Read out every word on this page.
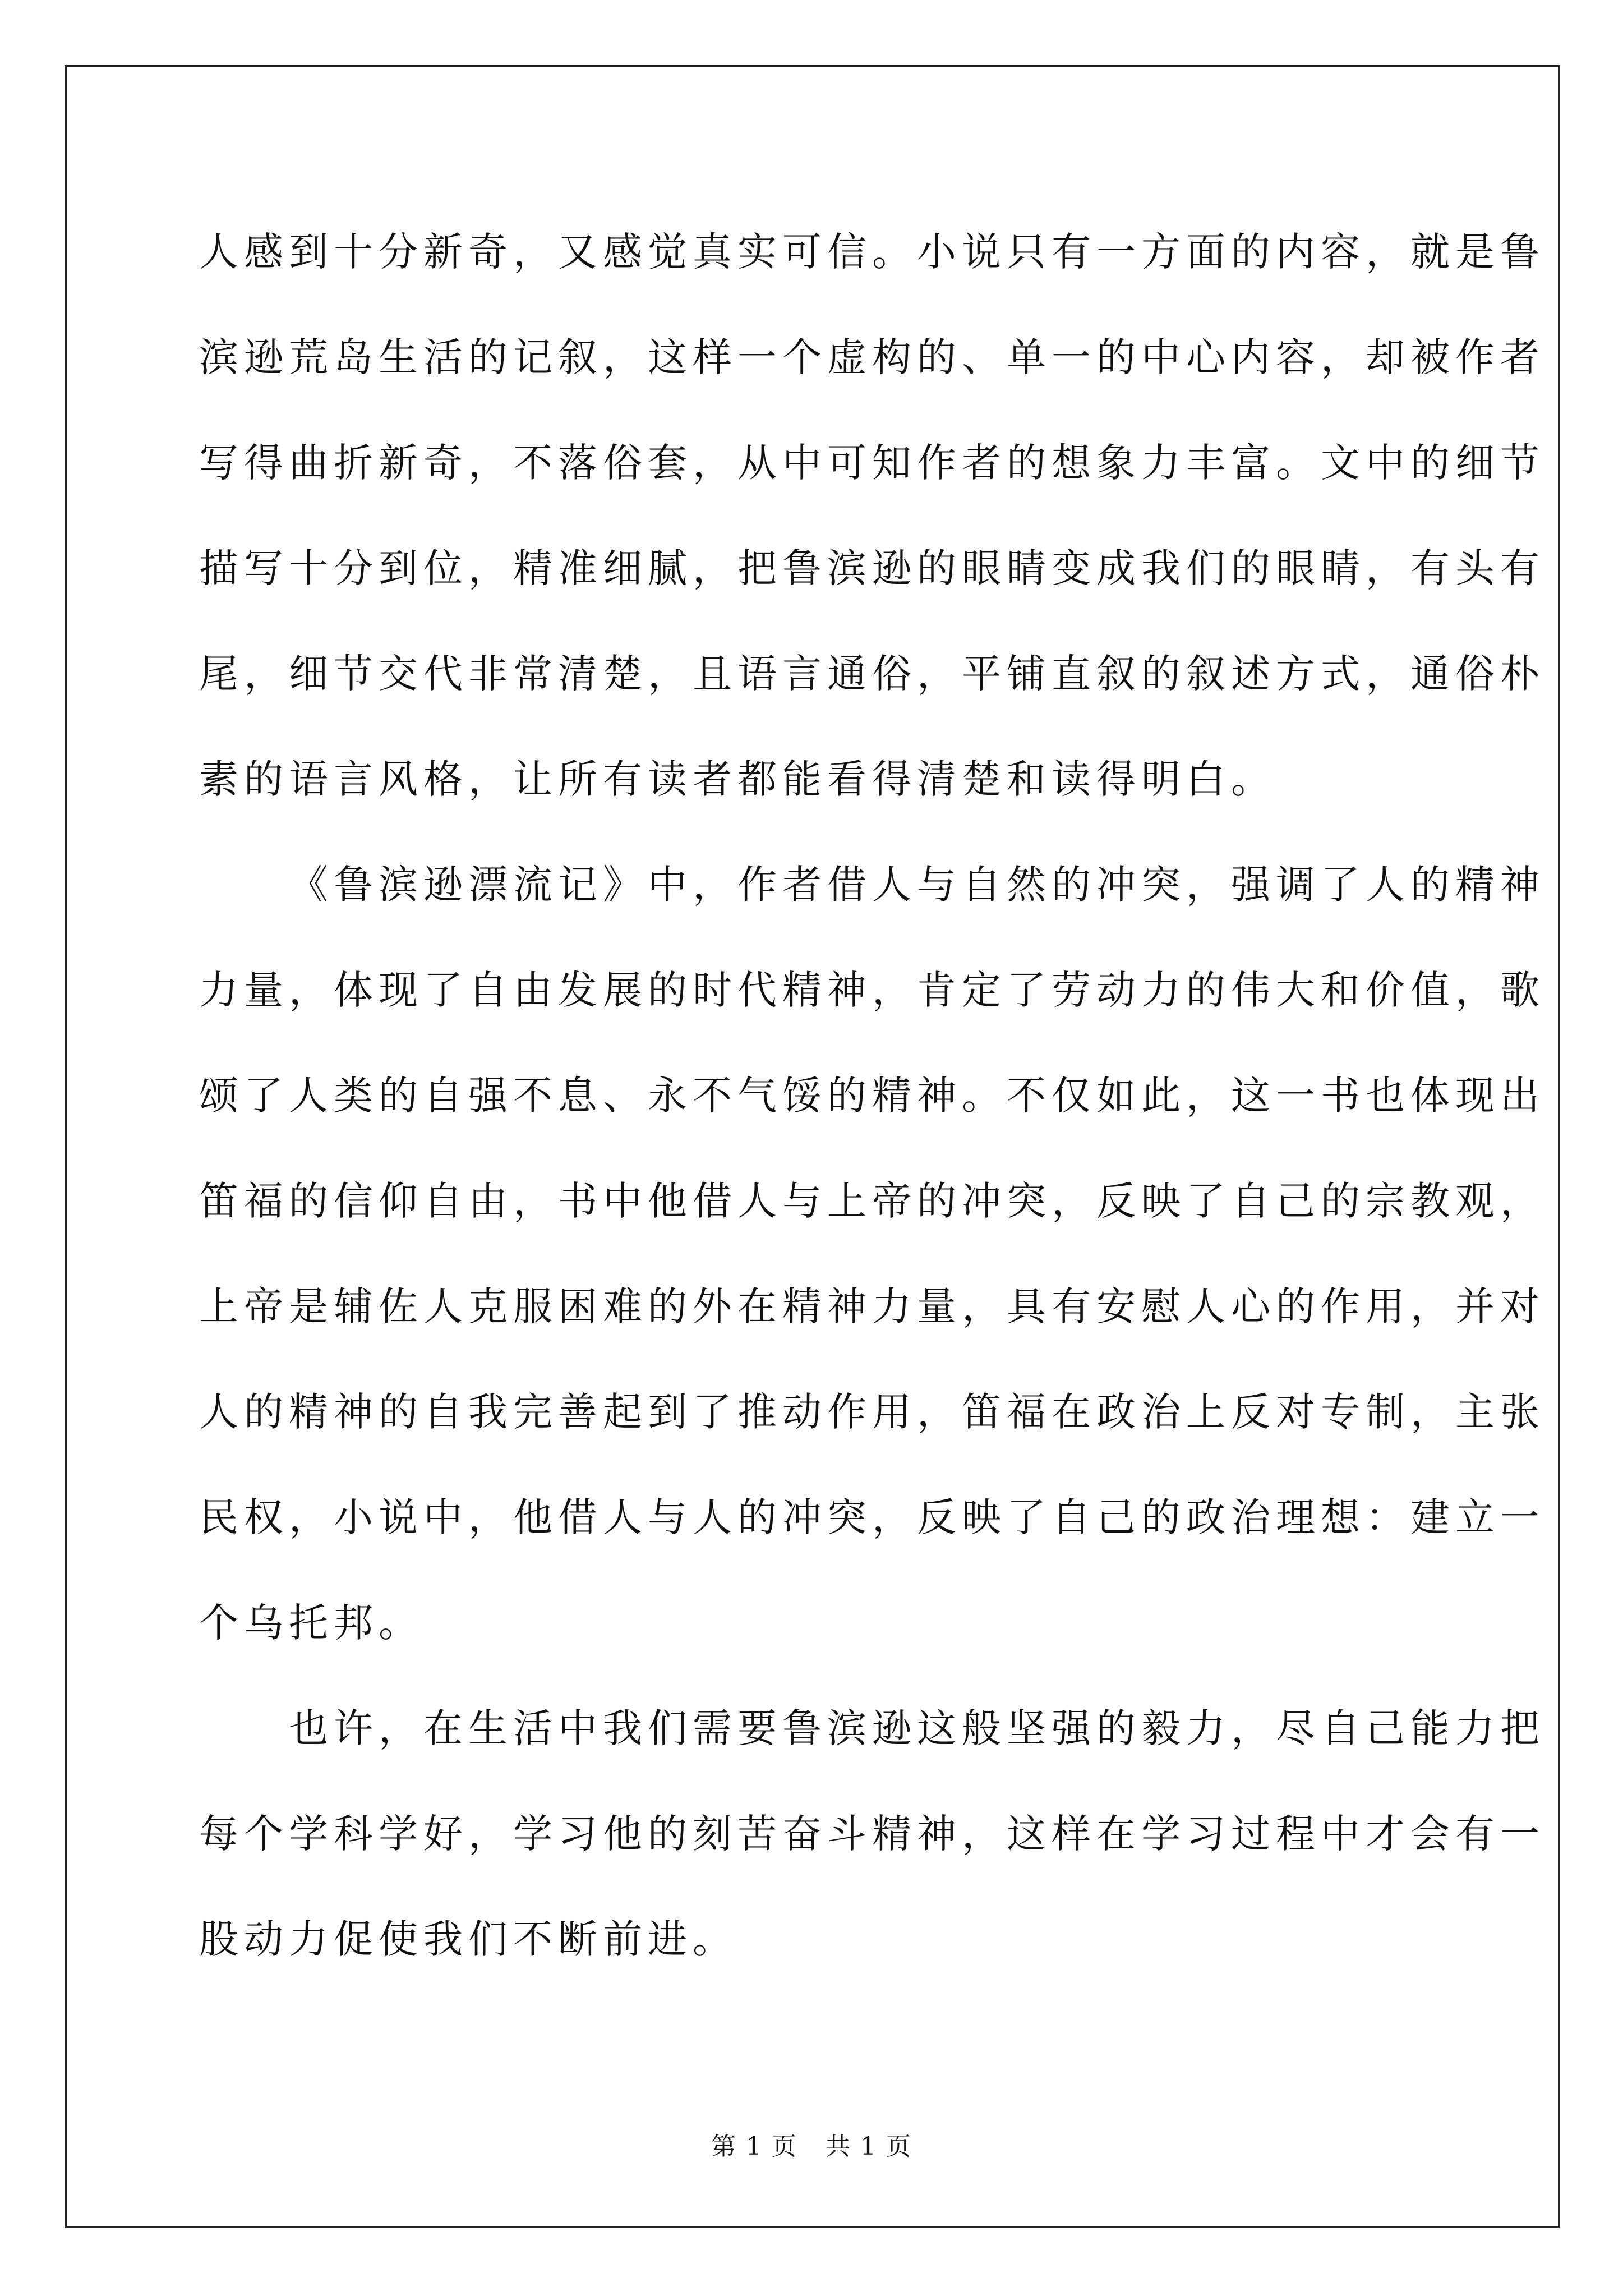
人感到十分新奇，又感觉真实可信。小说只有一方面的内容，就是鲁
滨逊荒岛生活的记叙，这样一个虚构的、单一的中心内容，却被作者
写得曲折新奇，不落俗套，从中可知作者的想象力丰富。文中的细节
描写十分到位，精准细腻，把鲁滨逊的眼睛变成我们的眼睛，有头有
尾，细节交代非常清楚，且语言通俗，平铺直叙的叙述方式，通俗朴
素的语言风格，让所有读者都能看得清楚和读得明白。
《鲁滨逊漂流记》中，作者借人与自然的冲突，强调了人的精神
力量，体现了自由发展的时代精神，肯定了劳动力的伟大和价值，歌
颂了人类的自强不息、永不气馁的精神。不仅如此，这一书也体现出
笛福的信仰自由，书中他借人与上帝的冲突，反映了自己的宗教观，
上帝是辅佐人克服困难的外在精神力量，具有安慰人心的作用，并对
人的精神的自我完善起到了推动作用，笛福在政治上反对专制，主张
民权，小说中，他借人与人的冲突，反映了自己的政治理想：建立一
个乌托邦。
也许，在生活中我们需要鲁滨逊这般坚强的毅力，尽自己能力把
每个学科学好，学习他的刻苦奋斗精神，这样在学习过程中才会有一
股动力促使我们不断前进。
第 1 页 共 1 页
